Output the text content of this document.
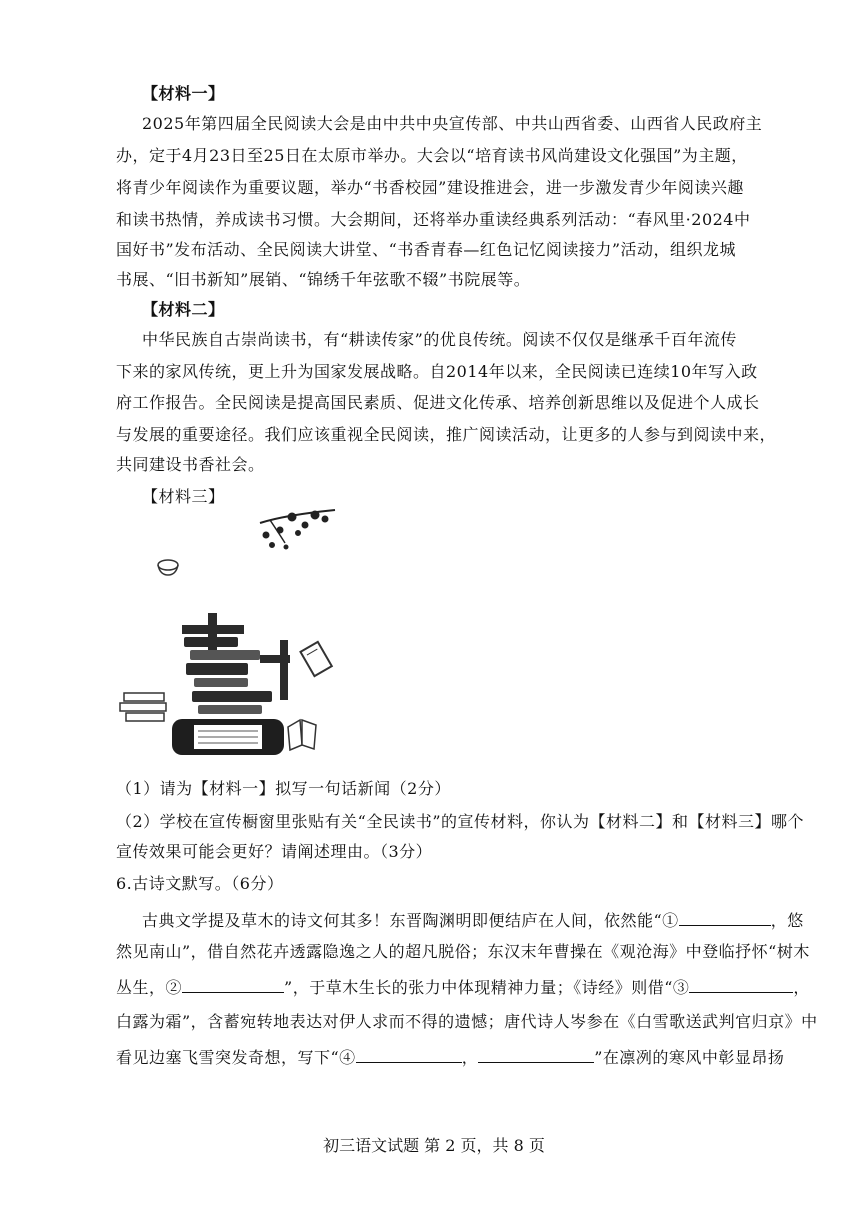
【材料一】
2025年第四届全民阅读大会是由中共中央宣传部、中共山西省委、山西省人民政府主
办，定于4月23日至25日在太原市举办。大会以“培育读书风尚建设文化强国”为主题，
将青少年阅读作为重要议题，举办“书香校园”建设推进会，进一步激发青少年阅读兴趣
和读书热情，养成读书习惯。大会期间，还将举办重读经典系列活动：“春风里·2024中
国好书”发布活动、全民阅读大讲堂、“书香青春—红色记忆阅读接力”活动，组织龙城
书展、“旧书新知”展销、“锦绣千年弦歌不辍”书院展等。
【材料二】
中华民族自古崇尚读书，有“耕读传家”的优良传统。阅读不仅仅是继承千百年流传
下来的家风传统，更上升为国家发展战略。自2014年以来，全民阅读已连续10年写入政
府工作报告。全民阅读是提高国民素质、促进文化传承、培养创新思维以及促进个人成长
与发展的重要途径。我们应该重视全民阅读，推广阅读活动，让更多的人参与到阅读中来，
共同建设书香社会。
【材料三】
（1）请为【材料一】拟写一句话新闻（2分）
（2）学校在宣传橱窗里张贴有关“全民读书”的宣传材料，你认为【材料二】和【材料三】哪个
宣传效果可能会更好？请阐述理由。（3分）
6.古诗文默写。（6分）
古典文学提及草木的诗文何其多！东晋陶渊明即便结庐在人间，依然能“①	，悠
然见南山”，借自然花卉透露隐逸之人的超凡脱俗；东汉末年曹操在《观沧海》中登临抒怀“树木
丛生，②	”，于草木生长的张力中体现精神力量；《诗经》则借“③	，
白露为霜”，含蓄宛转地表达对伊人求而不得的遗憾；唐代诗人岑参在《白雪歌送武判官归京》中
看见边塞飞雪突发奇想，写下“④	，	”在凛冽的寒风中彰显昂扬
初三语文试题 第 2 页，共 8 页
